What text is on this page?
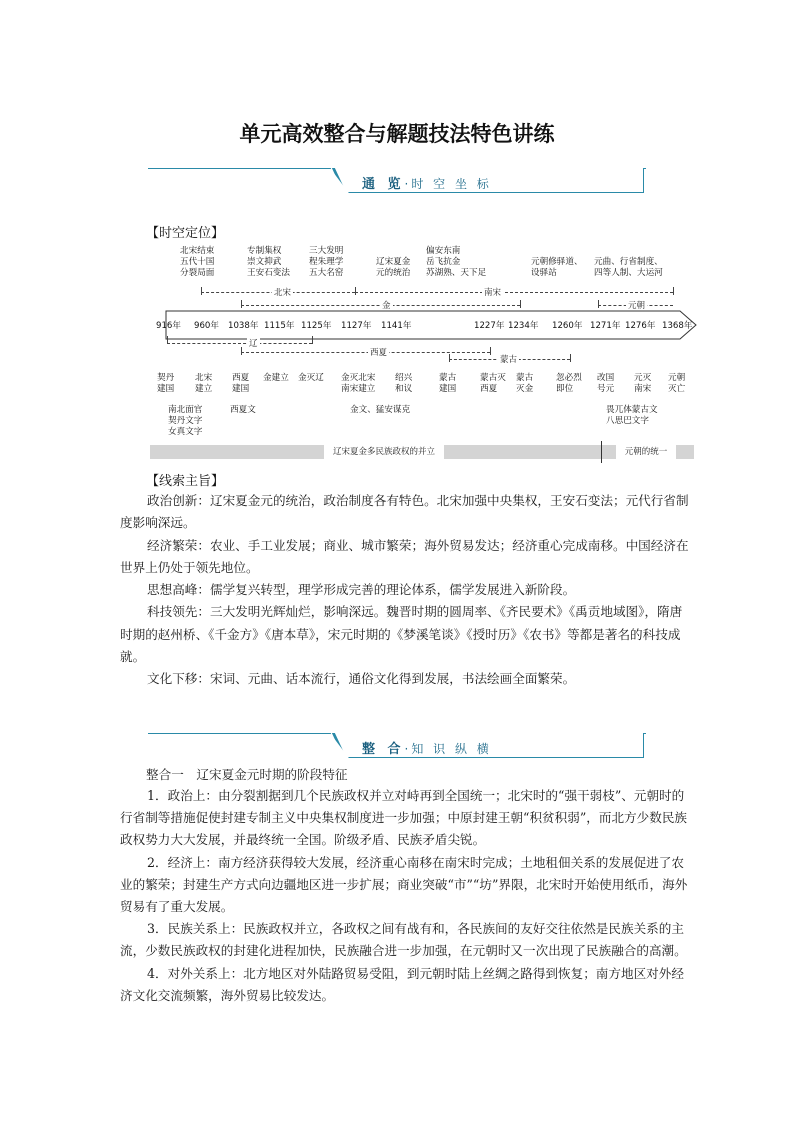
单元高效整合与解题技法特色讲练
通 览·时 空 坐 标
【时空定位】
北宋结束
五代十国
分裂局面
专制集权
崇文抑武
王安石变法
三大发明
程朱理学
五大名窑
辽宋夏金
元的统治
偏安东南
岳飞抗金
苏湖熟、天下足
元朝修驿道、
设驿站
元曲、行省制度、
四等人制、大运河
北宋	南宋
金	元朝
916年 960年 1038年 1115年 1125年 1127年 1141年	1227年 1234年 1260年 1271年 1276年 1368年
辽
西夏
蒙古
契丹
建国
北宋
建立
西夏
建国
金建立 金灭辽 金灭北宋
南宋建立
绍兴
和议
蒙古
建国
蒙古灭
西夏
蒙古
灭金
忽必烈
即位
改国
号元
元灭
南宋
元朝
灭亡
南北面官
契丹文字
女真文字
西夏文	金文、猛安谋克	畏兀体蒙古文
八思巴文字
辽宋夏金多民族政权的并立	元朝的统一
【线索主旨】

政治创新：辽宋夏金元的统治，政治制度各有特色。北宋加强中央集权，王安石变法；元代行省制度影响深远。

经济繁荣：农业、手工业发展；商业、城市繁荣；海外贸易发达；经济重心完成南移。中国经济在世界上仍处于领先地位。

思想高峰：儒学复兴转型，理学形成完善的理论体系，儒学发展进入新阶段。

科技领先：三大发明光辉灿烂，影响深远。魏晋时期的圆周率、《齐民要术》《禹贡地域图》，隋唐时期的赵州桥、《千金方》《唐本草》，宋元时期的《梦溪笔谈》《授时历》《农书》等都是著名的科技成就。

文化下移：宋词、元曲、话本流行，通俗文化得到发展，书法绘画全面繁荣。

整 合·知 识 纵 横
整合一　辽宋夏金元时期的阶段特征

1．政治上：由分裂割据到几个民族政权并立对峙再到全国统一；北宋时的“强干弱枝”、元朝时的行省制等措施促使封建专制主义中央集权制度进一步加强；中原封建王朝“积贫积弱”，而北方少数民族政权势力大大发展，并最终统一全国。阶级矛盾、民族矛盾尖锐。

2．经济上：南方经济获得较大发展，经济重心南移在南宋时完成；土地租佃关系的发展促进了农业的繁荣；封建生产方式向边疆地区进一步扩展；商业突破“市”“坊”界限，北宋时开始使用纸币，海外贸易有了重大发展。

3．民族关系上：民族政权并立，各政权之间有战有和，各民族间的友好交往依然是民族关系的主流，少数民族政权的封建化进程加快，民族融合进一步加强，在元朝时又一次出现了民族融合的高潮。

4．对外关系上：北方地区对外陆路贸易受阻，到元朝时陆上丝绸之路得到恢复；南方地区对外经济文化交流频繁，海外贸易比较发达。
